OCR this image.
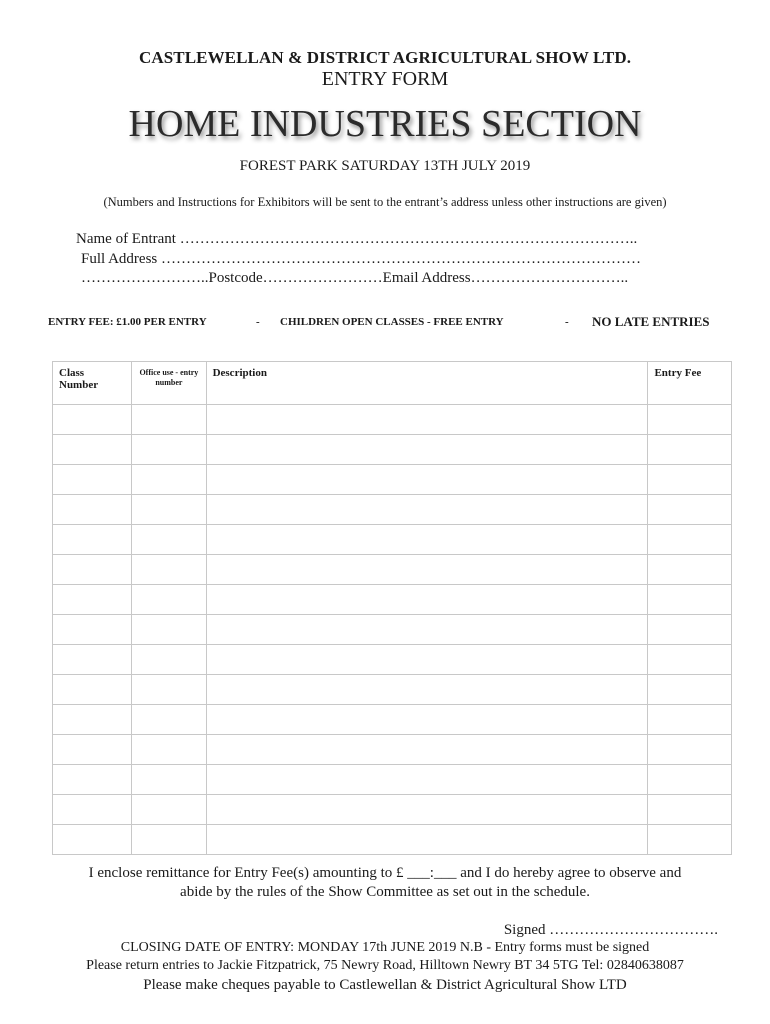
CASTLEWELLAN & DISTRICT AGRICULTURAL SHOW LTD.
ENTRY FORM
HOME INDUSTRIES SECTION
FOREST PARK SATURDAY 13TH JULY 2019
(Numbers and Instructions for Exhibitors will be sent to the entrant’s address unless other instructions are given)
Name of Entrant ………………………………………………………………………………..
Full Address ……………………………………………………………………………………
……………………..Postcode……………………Email Address…………………………..
ENTRY FEE: £1.00 PER ENTRY	- CHILDREN OPEN CLASSES - FREE ENTRY	- NO LATE ENTRIES
Class Number	Office use - entry number	Description	Entry Fee

I enclose remittance for Entry Fee(s) amounting to £ ___:___ and I do hereby agree to observe and
abide by the rules of the Show Committee as set out in the schedule.
Signed …………………………….
CLOSING DATE OF ENTRY: MONDAY 17th JUNE 2019 N.B - Entry forms must be signed
Please return entries to Jackie Fitzpatrick, 75 Newry Road, Hilltown Newry BT 34 5TG Tel: 02840638087
Please make cheques payable to Castlewellan & District Agricultural Show LTD
